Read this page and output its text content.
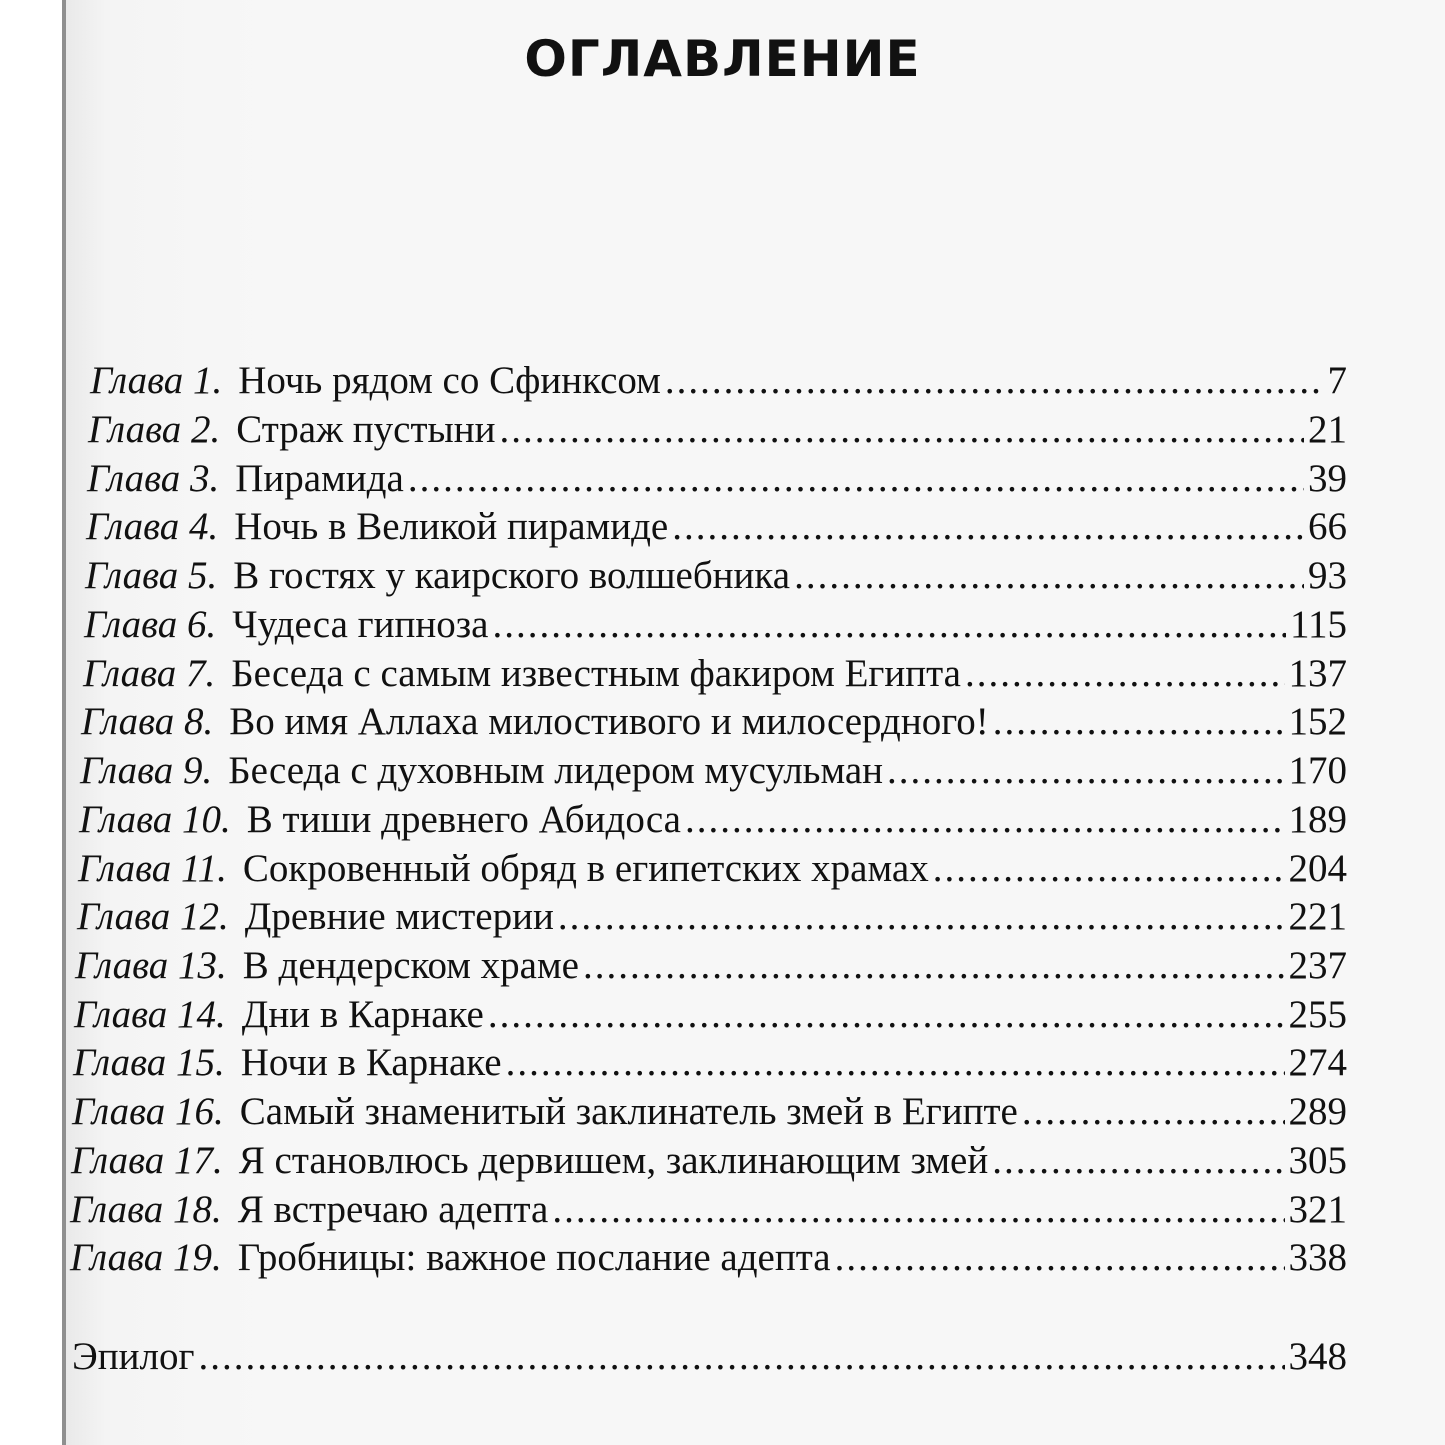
ОГЛАВЛЕНИЕ
Глава 1. Ночь рядом со Сфинксом .....	7
Глава 2. Страж пустыни .....	21
Глава 3. Пирамида .....	39
Глава 4. Ночь в Великой пирамиде .....	66
Глава 5. В гостях у каирского волшебника .....	93
Глава 6. Чудеса гипноза .....	115
Глава 7. Беседа с самым известным факиром Египта .....	137
Глава 8. Во имя Аллаха милостивого и милосердного! .....	152
Глава 9. Беседа с духовным лидером мусульман .....	170
Глава 10. В тиши древнего Абидоса .....	189
Глава 11. Сокровенный обряд в египетских храмах .....	204
Глава 12. Древние мистерии .....	221
Глава 13. В дендерском храме .....	237
Глава 14. Дни в Карнаке .....	255
Глава 15. Ночи в Карнаке .....	274
Глава 16. Самый знаменитый заклинатель змей в Египте .....	289
Глава 17. Я становлюсь дервишем, заклинающим змей .....	305
Глава 18. Я встречаю адепта .....	321
Глава 19. Гробницы: важное послание адепта .....	338
Эпилог .....	348
